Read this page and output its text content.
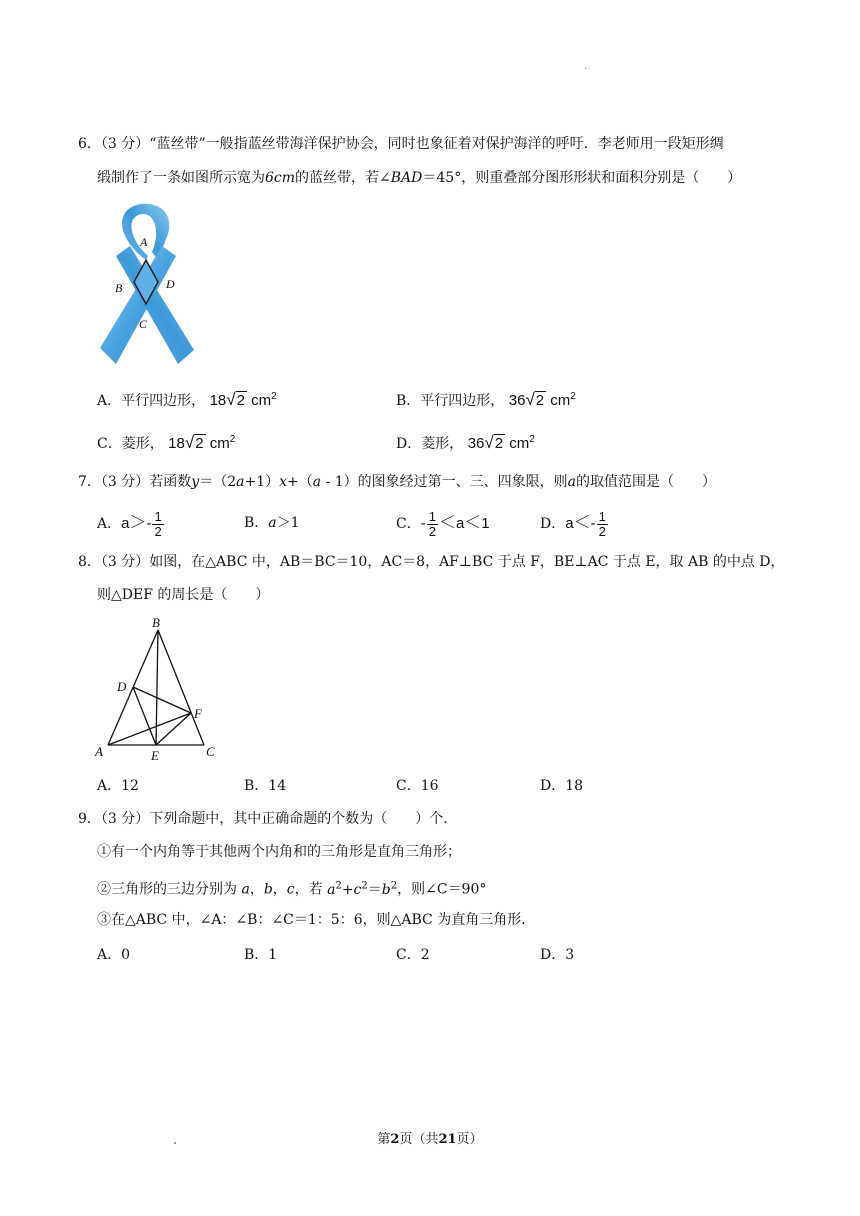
·
6．（3 分）“蓝丝带”一般指蓝丝带海洋保护协会，同时也象征着对保护海洋的呼吁．李老师用一段矩形绸
缎制作了一条如图所示宽为6cm的蓝丝带，若∠BAD＝45°，则重叠部分图形形状和面积分别是（　　）
A
B	D
C
A．平行四边形， 18√2 $cm^2$	B．平行四边形， 36√2 $cm^2$
C．菱形， 18√2 $cm^2$	D．菱形， 36√2 $cm^2$
7．（3 分）若函数y＝（2a+1）x+（a - 1）的图象经过第一、三、四象限，则a的取值范围是（　　）
A．$a>- \frac{1}{2}$	B．a＞1	C．- $\frac{1}{2} <a<1$	D．$a<- \frac{1}{2}$
8．（3 分）如图，在△ABC 中，AB＝BC＝10，AC＝8，AF⊥BC 于点 F，BE⊥AC 于点 E，取 AB 的中点 D，
则△DEF 的周长是（　　）
B
D
F
A	E	C
A．12	B．14	C．16	D．18
9．（3 分）下列命题中，其中正确命题的个数为（　　）个．
①有一个内角等于其他两个内角和的三角形是直角三角形；
②三角形的三边分别为 a，b，c，若 $a^2+c^2=b^2$，则∠C＝90°
③在△ABC 中，∠A：∠B：∠C＝1：5：6，则△ABC 为直角三角形．
A．0	B．1	C．2	D．3
第2页（共21页）
